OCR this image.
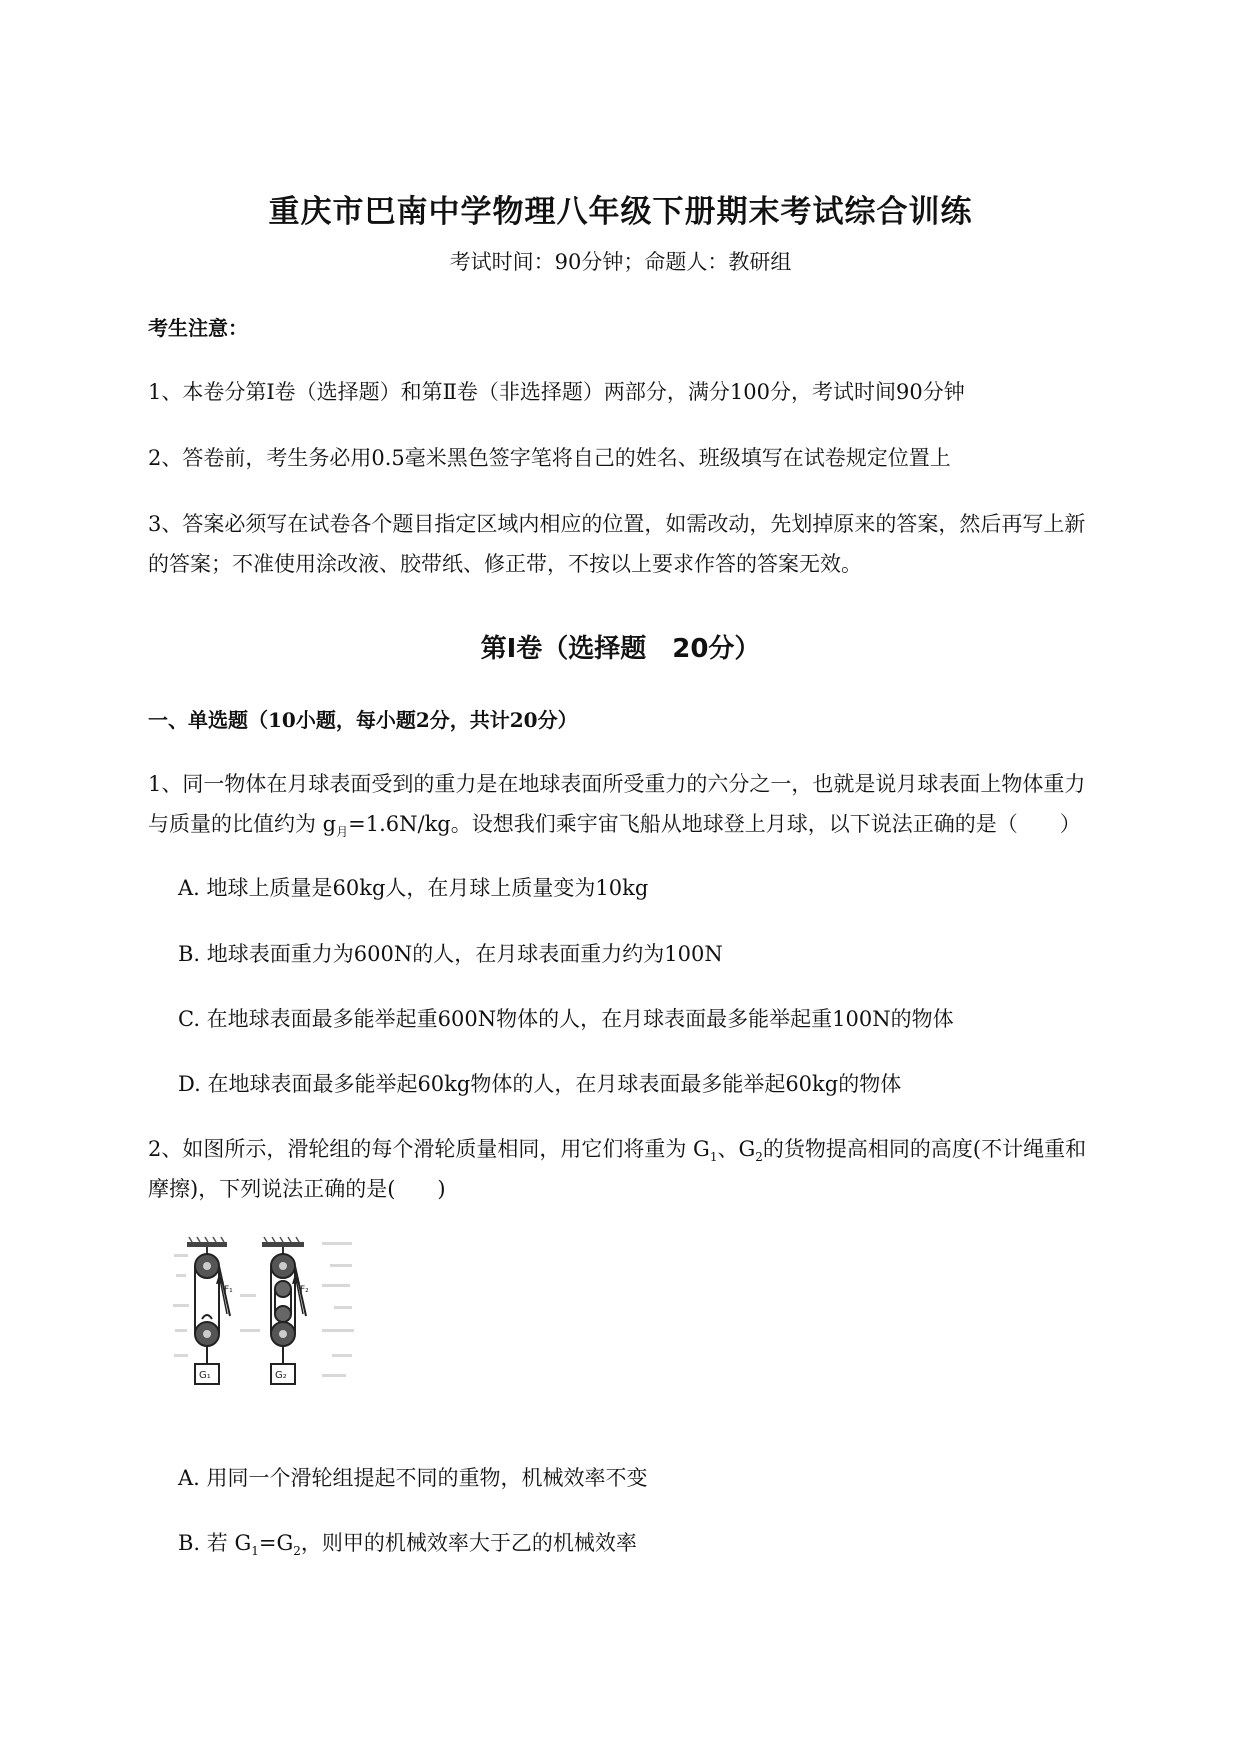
重庆市巴南中学物理八年级下册期末考试综合训练
考试时间：90分钟；命题人：教研组
考生注意：
1、本卷分第I卷（选择题）和第Ⅱ卷（非选择题）两部分，满分100分，考试时间90分钟
2、答卷前，考生务必用0.5毫米黑色签字笔将自己的姓名、班级填写在试卷规定位置上
3、答案必须写在试卷各个题目指定区域内相应的位置，如需改动，先划掉原来的答案，然后再写上新
的答案；不准使用涂改液、胶带纸、修正带，不按以上要求作答的答案无效。
第I卷（选择题　20分）
一、单选题（10小题，每小题2分，共计20分）
1、同一物体在月球表面受到的重力是在地球表面所受重力的六分之一，也就是说月球表面上物体重力
与质量的比值约为 $g_月=1.6N/kg$。设想我们乘宇宙飞船从地球登上月球，以下说法正确的是（　　）
A. 地球上质量是60kg人，在月球上质量变为10kg
B. 地球表面重力为600N的人，在月球表面重力约为100N
C. 在地球表面最多能举起重600N物体的人，在月球表面最多能举起重100N的物体
D. 在地球表面最多能举起60kg物体的人，在月球表面最多能举起60kg的物体
2、如图所示，滑轮组的每个滑轮质量相同，用它们将重为 $G_1$、$G_2$的货物提高相同的高度(不计绳重和
摩擦)，下列说法正确的是(　　)
F₁
G₁
F₂
G₂
A. 用同一个滑轮组提起不同的重物，机械效率不变
B. 若 $G_1=G_2$，则甲的机械效率大于乙的机械效率
